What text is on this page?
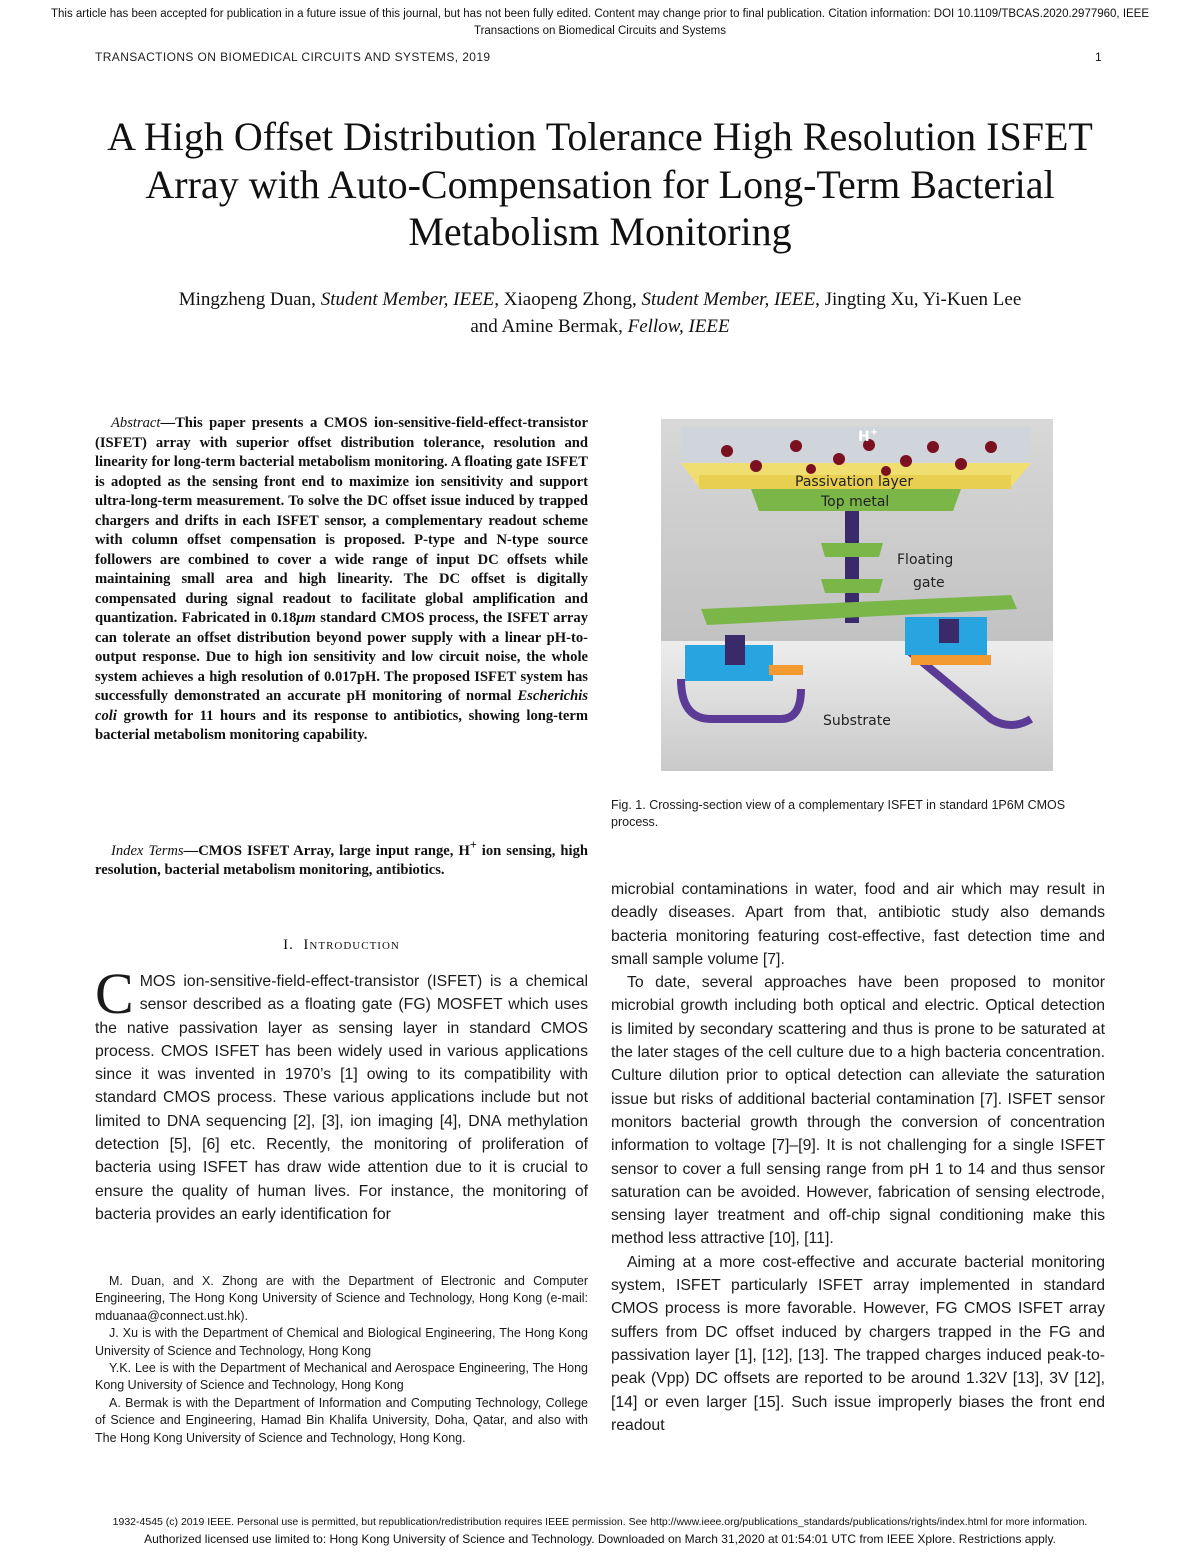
This article has been accepted for publication in a future issue of this journal, but has not been fully edited. Content may change prior to final publication. Citation information: DOI 10.1109/TBCAS.2020.2977960, IEEE
Transactions on Biomedical Circuits and Systems
TRANSACTIONS ON BIOMEDICAL CIRCUITS AND SYSTEMS, 2019	1
A High Offset Distribution Tolerance High Resolution ISFET Array with Auto-Compensation for Long-Term Bacterial Metabolism Monitoring
Mingzheng Duan, Student Member, IEEE, Xiaopeng Zhong, Student Member, IEEE, Jingting Xu, Yi-Kuen Lee
and Amine Bermak, Fellow, IEEE
Abstract—This paper presents a CMOS ion-sensitive-field-effect-transistor (ISFET) array with superior offset distribution tolerance, resolution and linearity for long-term bacterial metabolism monitoring. A floating gate ISFET is adopted as the sensing front end to maximize ion sensitivity and support ultra-long-term measurement. To solve the DC offset issue induced by trapped chargers and drifts in each ISFET sensor, a complementary readout scheme with column offset compensation is proposed. P-type and N-type source followers are combined to cover a wide range of input DC offsets while maintaining small area and high linearity. The DC offset is digitally compensated during signal readout to facilitate global amplification and quantization. Fabricated in 0.18μm standard CMOS process, the ISFET array can tolerate an offset distribution beyond power supply with a linear pH-to-output response. Due to high ion sensitivity and low circuit noise, the whole system achieves a high resolution of 0.017pH. The proposed ISFET system has successfully demonstrated an accurate pH monitoring of normal Escherichis coli growth for 11 hours and its response to antibiotics, showing long-term bacterial metabolism monitoring capability.
Index Terms—CMOS ISFET Array, large input range, H+ ion sensing, high resolution, bacterial metabolism monitoring, antibiotics.
I. Introduction
CMOS ion-sensitive-field-effect-transistor (ISFET) is a chemical sensor described as a floating gate (FG) MOSFET which uses the native passivation layer as sensing layer in standard CMOS process. CMOS ISFET has been widely used in various applications since it was invented in 1970’s [1] owing to its compatibility with standard CMOS process. These various applications include but not limited to DNA sequencing [2], [3], ion imaging [4], DNA methylation detection [5], [6] etc. Recently, the monitoring of proliferation of bacteria using ISFET has draw wide attention due to it is crucial to ensure the quality of human lives. For instance, the monitoring of bacteria provides an early identification for

M. Duan, and X. Zhong are with the Department of Electronic and Computer Engineering, The Hong Kong University of Science and Technology, Hong Kong (e-mail: mduanaa@connect.ust.hk).

J. Xu is with the Department of Chemical and Biological Engineering, The Hong Kong University of Science and Technology, Hong Kong

Y.K. Lee is with the Department of Mechanical and Aerospace Engineering, The Hong Kong University of Science and Technology, Hong Kong

A. Bermak is with the Department of Information and Computing Technology, College of Science and Engineering, Hamad Bin Khalifa University, Doha, Qatar, and also with The Hong Kong University of Science and Technology, Hong Kong.

H+
Passivation layer
Top metal
Floating
gate
Substrate
Fig. 1. Crossing-section view of a complementary ISFET in standard 1P6M CMOS process.

microbial contaminations in water, food and air which may result in deadly diseases. Apart from that, antibiotic study also demands bacteria monitoring featuring cost-effective, fast detection time and small sample volume [7].

To date, several approaches have been proposed to monitor microbial growth including both optical and electric. Optical detection is limited by secondary scattering and thus is prone to be saturated at the later stages of the cell culture due to a high bacteria concentration. Culture dilution prior to optical detection can alleviate the saturation issue but risks of additional bacterial contamination [7]. ISFET sensor monitors bacterial growth through the conversion of concentration information to voltage [7]–[9]. It is not challenging for a single ISFET sensor to cover a full sensing range from pH 1 to 14 and thus sensor saturation can be avoided. However, fabrication of sensing electrode, sensing layer treatment and off-chip signal conditioning make this method less attractive [10], [11].

Aiming at a more cost-effective and accurate bacterial monitoring system, ISFET particularly ISFET array implemented in standard CMOS process is more favorable. However, FG CMOS ISFET array suffers from DC offset induced by chargers trapped in the FG and passivation layer [1], [12], [13]. The trapped charges induced peak-to-peak (Vpp) DC offsets are reported to be around 1.32V [13], 3V [12], [14] or even larger [15]. Such issue improperly biases the front end readout

1932-4545 (c) 2019 IEEE. Personal use is permitted, but republication/redistribution requires IEEE permission. See http://www.ieee.org/publications_standards/publications/rights/index.html for more information.
Authorized licensed use limited to: Hong Kong University of Science and Technology. Downloaded on March 31,2020 at 01:54:01 UTC from IEEE Xplore. Restrictions apply.
